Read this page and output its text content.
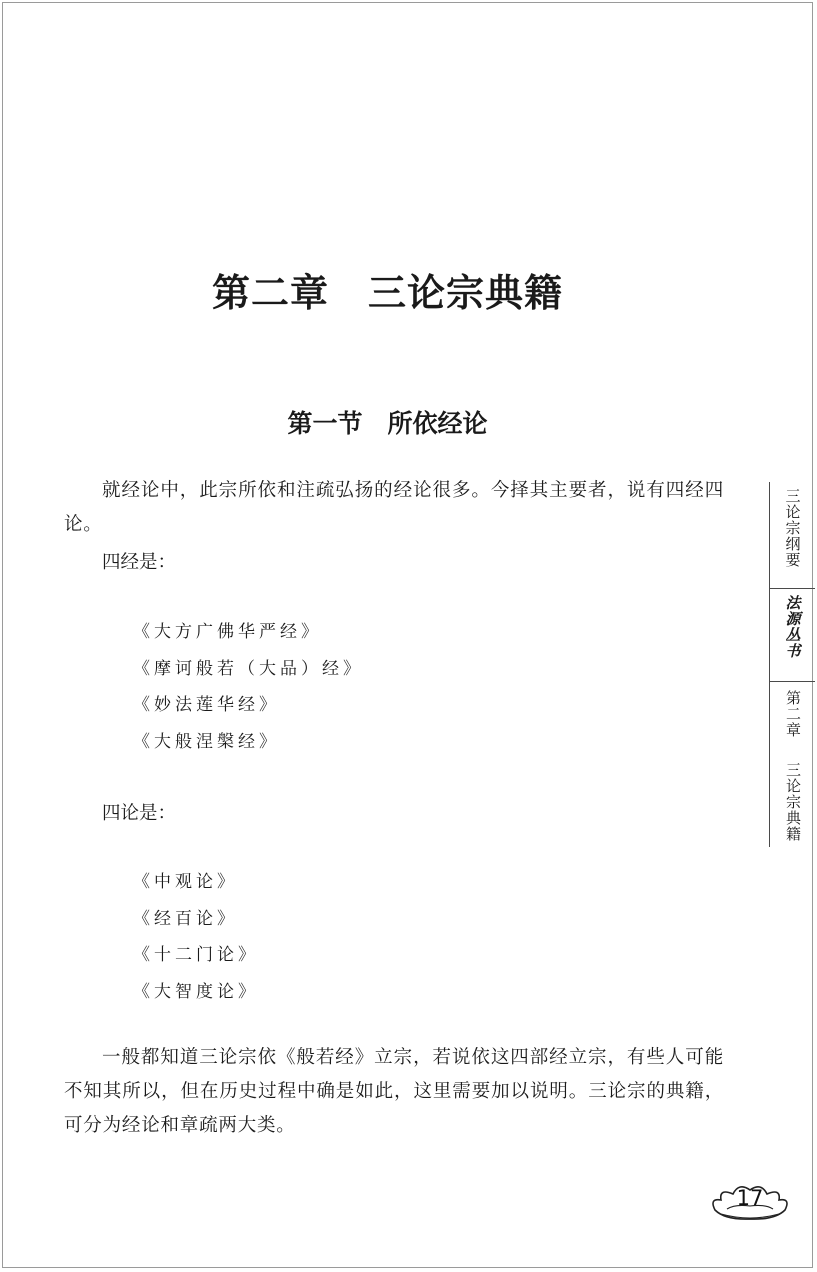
第二章　三论宗典籍
第一节　所依经论
就经论中，此宗所依和注疏弘扬的经论很多。今择其主要者，说有四经四论。
四经是：
《大方广佛华严经》
《摩诃般若（大品）经》
《妙法莲华经》
《大般涅槃经》
四论是：
《中观论》
《经百论》
《十二门论》
《大智度论》
一般都知道三论宗依《般若经》立宗，若说依这四部经立宗，有些人可能不知其所以，但在历史过程中确是如此，这里需要加以说明。三论宗的典籍，可分为经论和章疏两大类。
三论宗纲要
法源丛书
第二章
三论宗典籍
17
